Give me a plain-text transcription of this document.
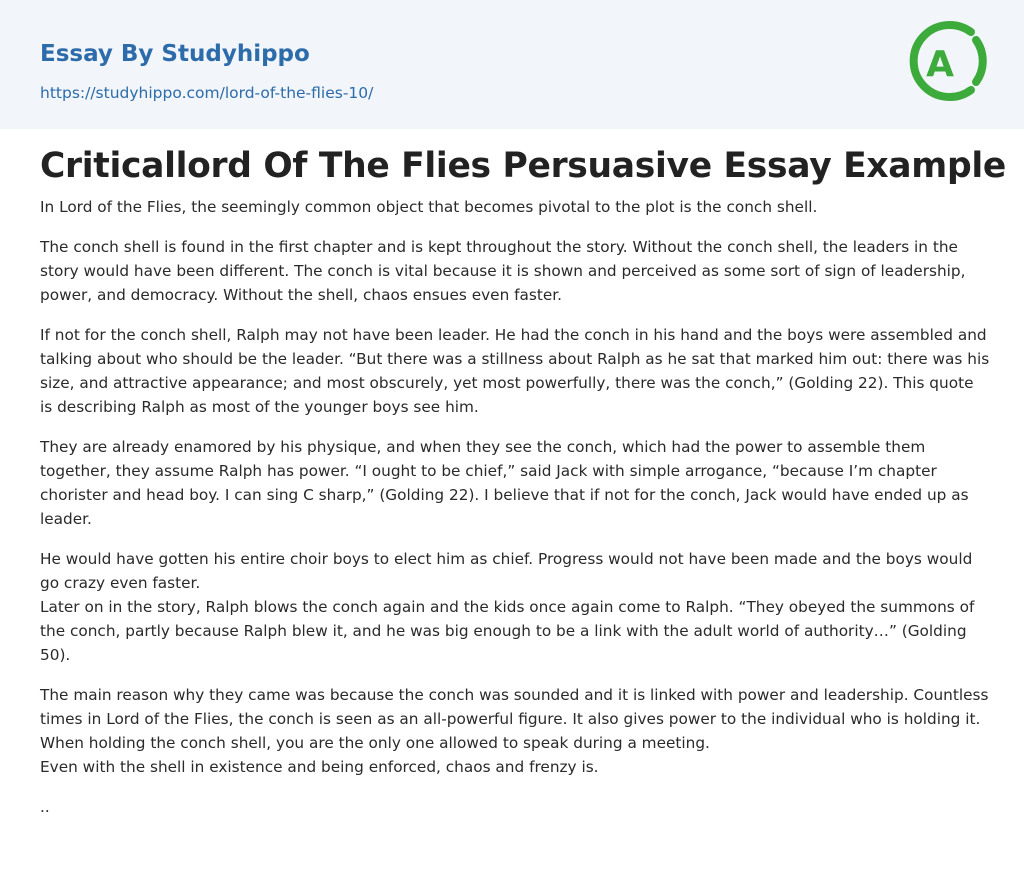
Essay By Studyhippo
https://studyhippo.com/lord-of-the-flies-10/
A
Criticallord Of The Flies Persuasive Essay Example

In Lord of the Flies, the seemingly common object that becomes pivotal to the plot is the conch shell.

The conch shell is found in the first chapter and is kept throughout the story. Without the conch shell, the leaders in the story would have been different. The conch is vital because it is shown and perceived as some sort of sign of leadership, power, and democracy. Without the shell, chaos ensues even faster.

If not for the conch shell, Ralph may not have been leader. He had the conch in his hand and the boys were assembled and talking about who should be the leader. “But there was a stillness about Ralph as he sat that marked him out: there was his size, and attractive appearance; and most obscurely, yet most powerfully, there was the conch,” (Golding 22). This quote is describing Ralph as most of the younger boys see him.

They are already enamored by his physique, and when they see the conch, which had the power to assemble them together, they assume Ralph has power. “I ought to be chief,” said Jack with simple arrogance, “because I’m chapter chorister and head boy. I can sing C sharp,” (Golding 22). I believe that if not for the conch, Jack would have ended up as leader.

He would have gotten his entire choir boys to elect him as chief. Progress would not have been made and the boys would go crazy even faster.

Later on in the story, Ralph blows the conch again and the kids once again come to Ralph. “They obeyed the summons of the conch, partly because Ralph blew it, and he was big enough to be a link with the adult world of authority…” (Golding 50).

The main reason why they came was because the conch was sounded and it is linked with power and leadership. Countless times in Lord of the Flies, the conch is seen as an all-powerful figure. It also gives power to the individual who is holding it. When holding the conch shell, you are the only one allowed to speak during a meeting.

Even with the shell in existence and being enforced, chaos and frenzy is.

..
